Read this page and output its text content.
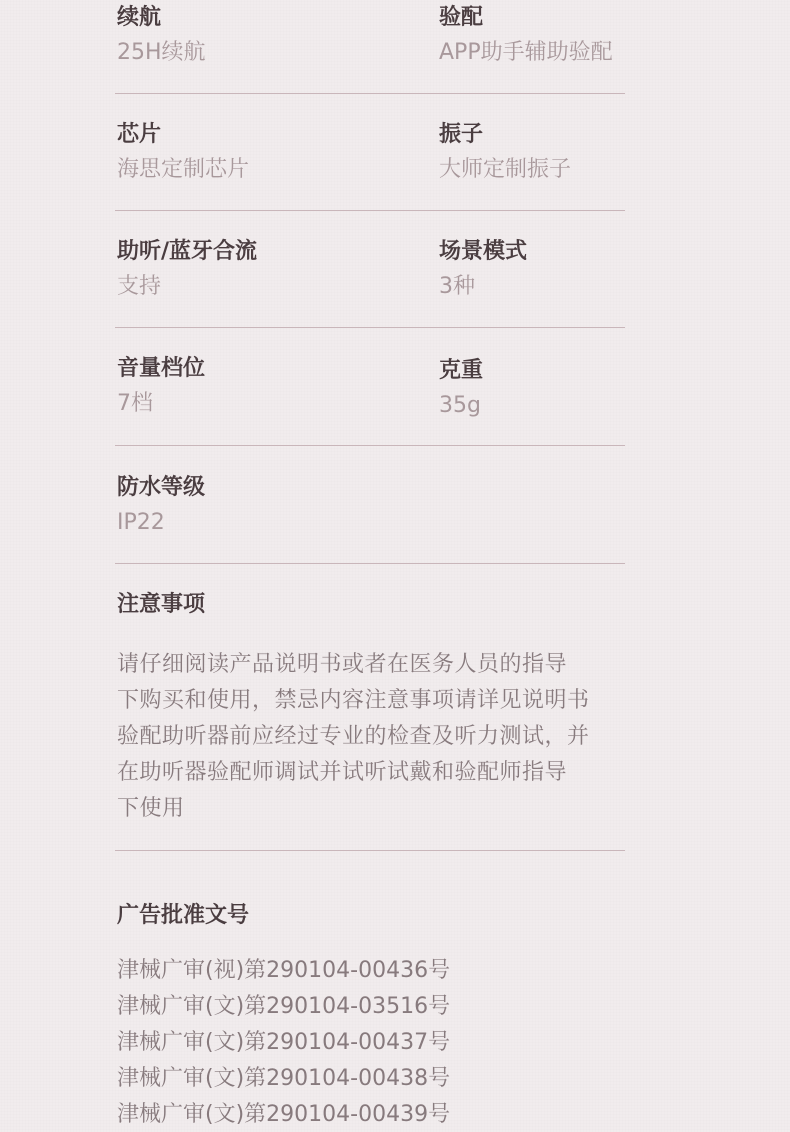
续航
25H续航
验配
APP助手辅助验配
芯片
海思定制芯片
振子
大师定制振子
助听/蓝牙合流
支持
场景模式
3种
音量档位
7档
克重
35g
防水等级
IP22
注意事项
请仔细阅读产品说明书或者在医务人员的指导
下购买和使用，禁忌内容注意事项请详见说明书
验配助听器前应经过专业的检查及听力测试，并
在助听器验配师调试并试听试戴和验配师指导
下使用
广告批准文号
津械广审(视)第290104-00436号
津械广审(文)第290104-03516号
津械广审(文)第290104-00437号
津械广审(文)第290104-00438号
津械广审(文)第290104-00439号
